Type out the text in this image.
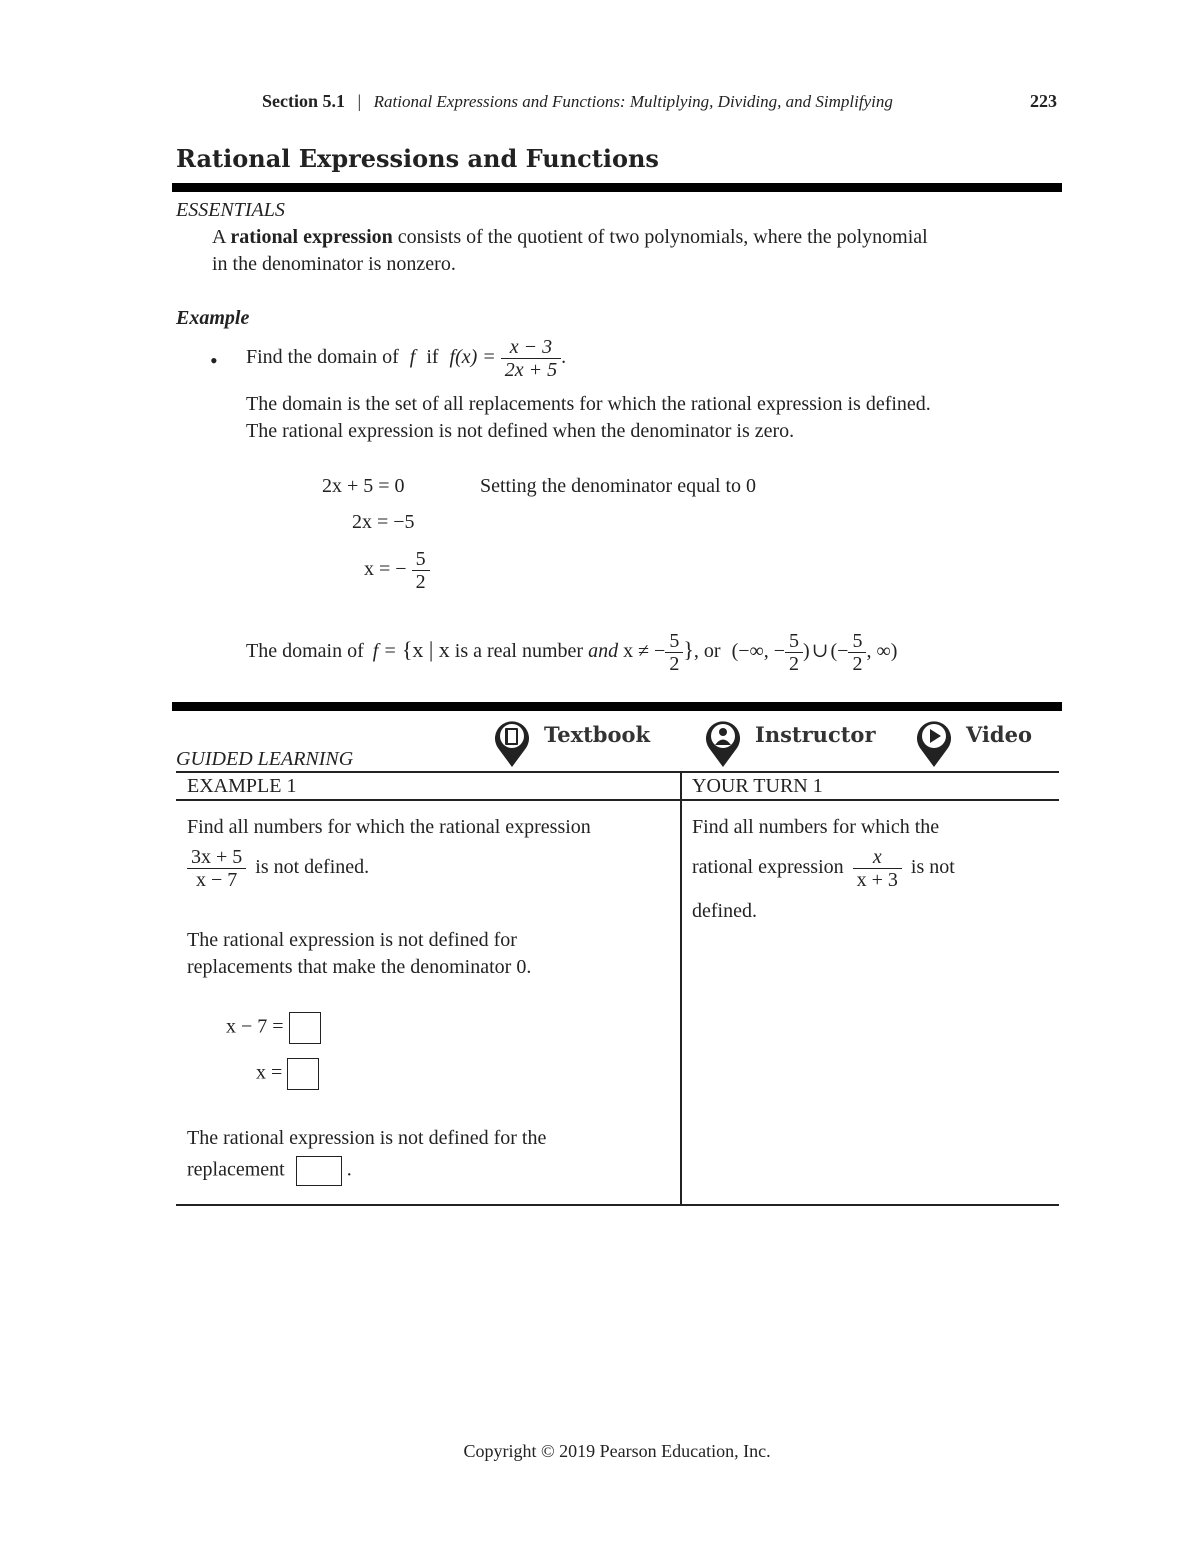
Section 5.1 | Rational Expressions and Functions: Multiplying, Dividing, and Simplifying	223
Rational Expressions and Functions
ESSENTIALS
A rational expression consists of the quotient of two polynomials, where the polynomial
in the denominator is nonzero.
Example
• Find the domain of f if $f(x) = \frac{x - 3}{2x + 5}$ .
The domain is the set of all replacements for which the rational expression is defined.
The rational expression is not defined when the denominator is zero.
2x + 5 = 0	Setting the denominator equal to 0
2x = −5
x = − $\frac{5}{2}$
The domain of f = {x | x is a real number and x ≠ − $\frac{5}{2}$ }, or (−∞, − $\frac{5}{2}$ ) ∪ (− $\frac{5}{2}$ , ∞)
GUIDED LEARNING
Textbook	Instructor	Video
EXAMPLE 1	YOUR TURN 1
Find all numbers for which the rational expression
$\frac{3x + 5}{x - 7}$ is not defined.
The rational expression is not defined for
replacements that make the denominator 0.
x − 7 =
x =
The rational expression is not defined for the
replacement	.
Find all numbers for which the
rational expression $\frac{x}{x + 3}$ is not
defined.
Copyright © 2019 Pearson Education, Inc.
